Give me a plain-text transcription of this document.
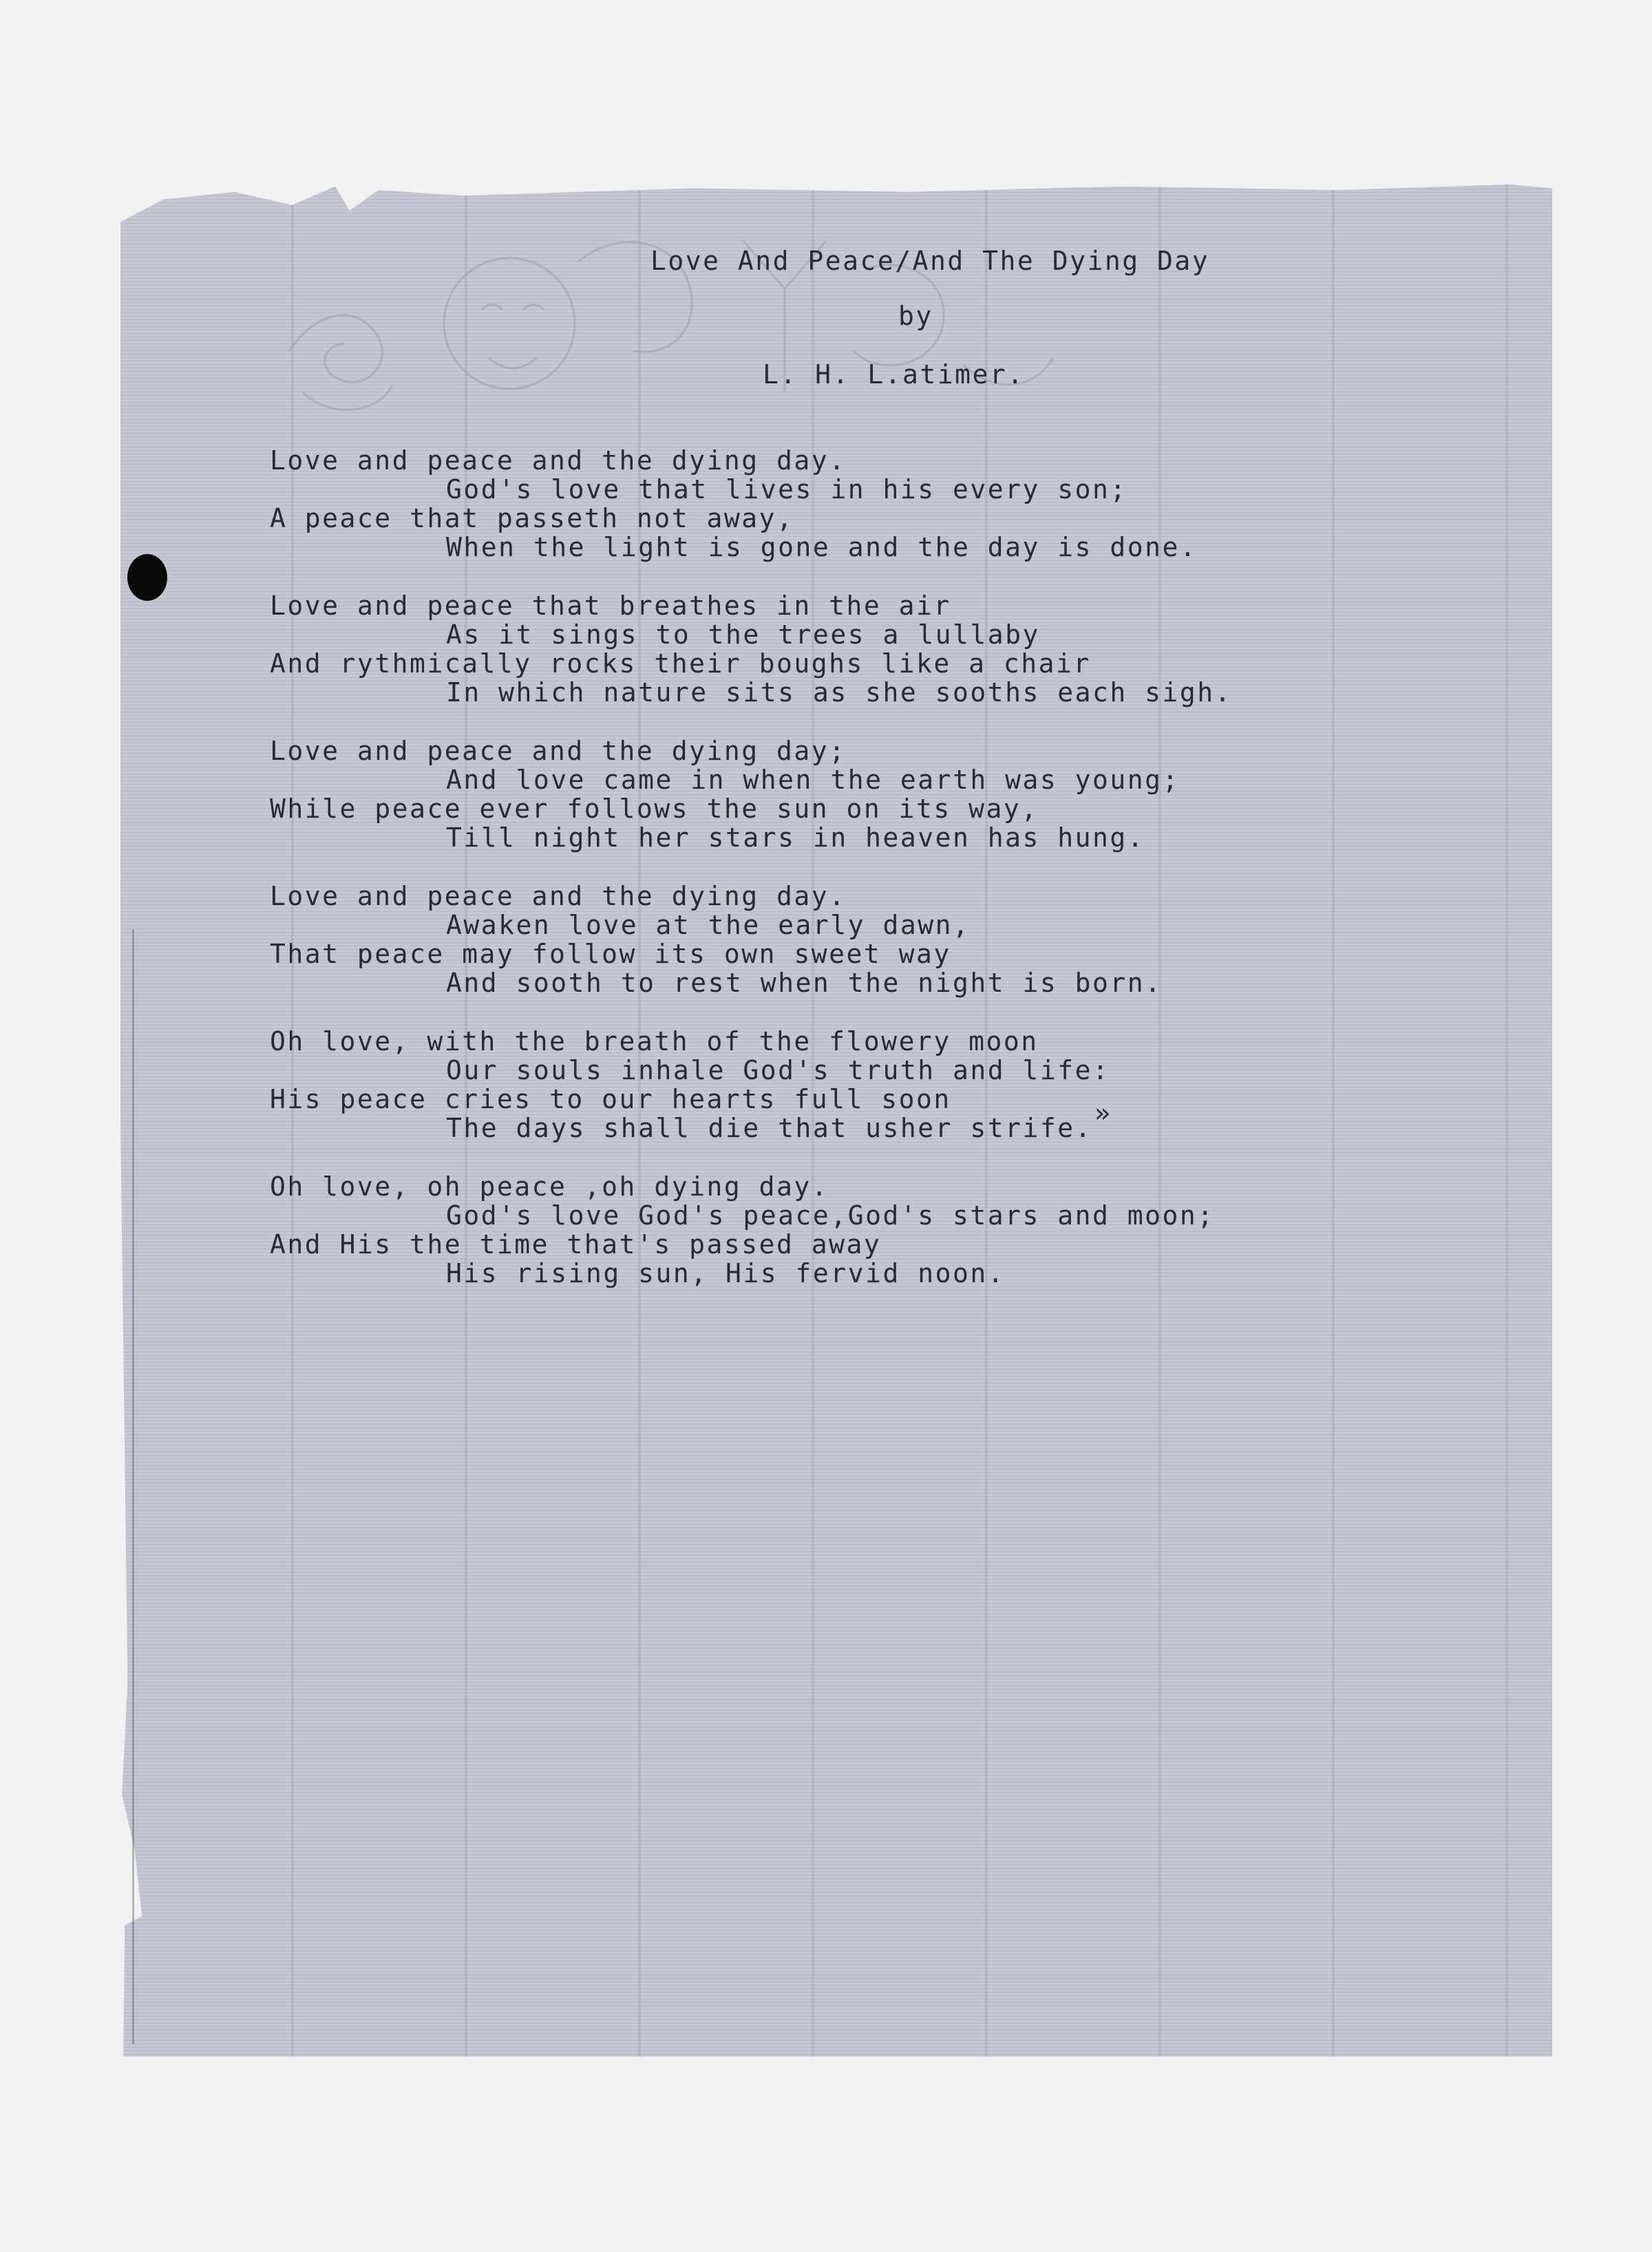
Love And Peace/And The Dying Day

by

L. H. L.atimer.

Love and peace and the dying day.
God's love that lives in his every son;
A peace that passeth not away,
When the light is gone and the day is done.
Love and peace that breathes in the air
As it sings to the trees a lullaby
And rythmically rocks their boughs like a chair
In which nature sits as she sooths each sigh.
Love and peace and the dying day;
And love came in when the earth was young;
While peace ever follows the sun on its way,
Till night her stars in heaven has hung.
Love and peace and the dying day.
Awaken love at the early dawn,
That peace may follow its own sweet way
And sooth to rest when the night is born.
Oh love, with the breath of the flowery moon
Our souls inhale God's truth and life:
His peace cries to our hearts full soon
The days shall die that usher strife.
Oh love, oh peace ,oh dying day.
God's love God's peace,God's stars and moon;
And His the time that's passed away
His rising sun, His fervid noon.

»
